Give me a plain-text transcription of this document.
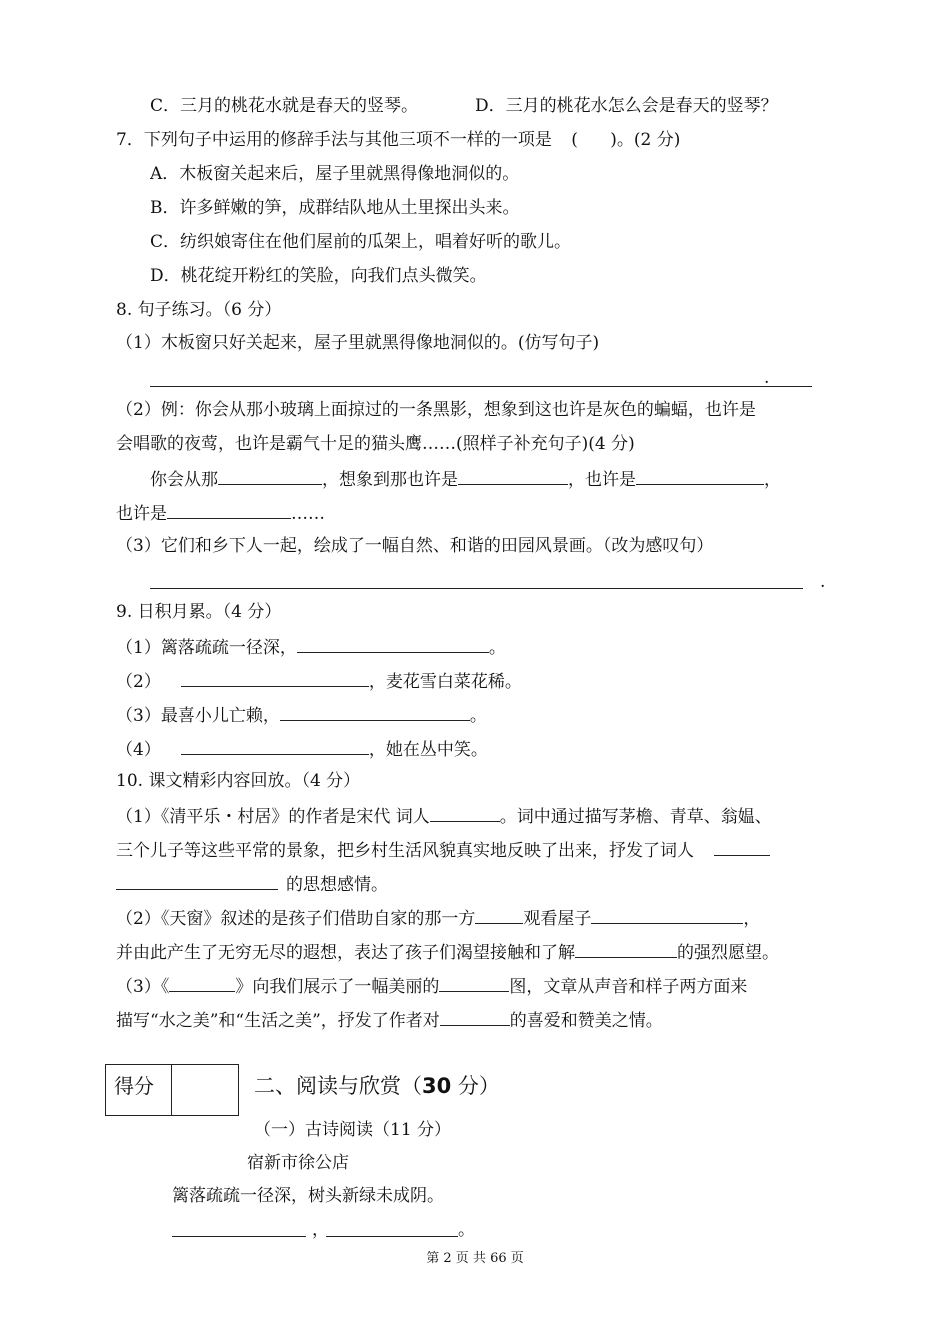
C．三月的桃花水就是春天的竖琴。	D．三月的桃花水怎么会是春天的竖琴？
7．下列句子中运用的修辞手法与其他三项不一样的一项是 (      )。(2 分)
A．木板窗关起来后，屋子里就黑得像地洞似的。
B．许多鲜嫩的笋，成群结队地从土里探出头来。
C．纺织娘寄住在他们屋前的瓜架上，唱着好听的歌儿。
D．桃花绽开粉红的笑脸，向我们点头微笑。
8. 句子练习。（6 分）
（1）木板窗只好关起来，屋子里就黑得像地洞似的。(仿写句子)
.
（2）例：你会从那小玻璃上面掠过的一条黑影，想象到这也许是灰色的蝙蝠，也许是
会唱歌的夜莺，也许是霸气十足的猫头鹰……(照样子补充句子)(4 分)
你会从那	，想象到那也许是	，也许是	，
也许是	……
（3）它们和乡下人一起，绘成了一幅自然、和谐的田园风景画。（改为感叹句）
.
9. 日积月累。（4 分）
（1）篱落疏疏一径深，	。
（2）	，麦花雪白菜花稀。
（3）最喜小儿亡赖，	。
（4）	，她在丛中笑。
10. 课文精彩内容回放。（4 分）
（1）《清平乐・村居》的作者是宋代 词人	。词中通过描写茅檐、青草、翁媪、
三个儿子等这些平常的景象，把乡村生活风貌真实地反映了出来，抒发了词人
的思想感情。
（2）《天窗》叙述的是孩子们借助自家的那一方	观看屋子	，
并由此产生了无穷无尽的遐想，表达了孩子们渴望接触和了解	的强烈愿望。
（3）《	》向我们展示了一幅美丽的	图，文章从声音和样子两方面来
描写“水之美”和“生活之美”，抒发了作者对	的喜爱和赞美之情。
得分	二、阅读与欣赏（30 分）
（一）古诗阅读（11 分）
宿新市徐公店
篱落疏疏一径深，树头新绿未成阴。
，	。
第 2 页 共 66 页
